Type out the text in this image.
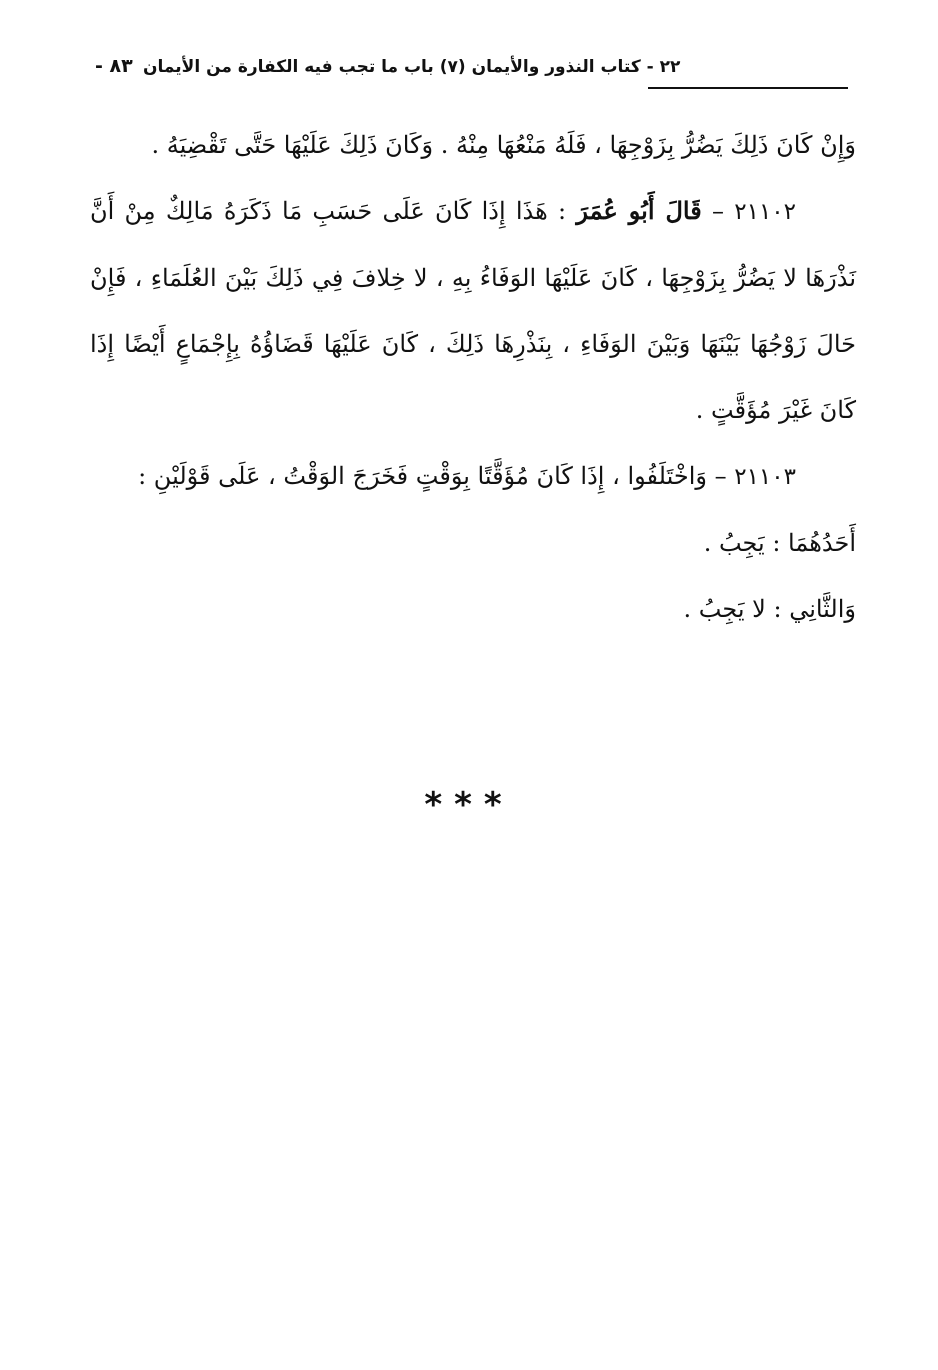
٨٣ - ٢٢ - كتاب النذور والأيمان (٧) باب ما تجب فيه الكفارة من الأيمان

وَإِنْ كَانَ ذَلِكَ يَضُرُّ بِزَوْجِهَا ، فَلَهُ مَنْعُهَا مِنْهُ . وَكَانَ ذَلِكَ عَلَيْهَا حَتَّى تَقْضِيَهُ .

٢١١٠٢ – قَالَ أَبُو عُمَرَ : هَذَا إِذَا كَانَ عَلَى حَسَبِ مَا ذَكَرَهُ مَالِكٌ مِنْ أَنَّ نَذْرَهَا لا يَضُرُّ بِزَوْجِهَا ، كَانَ عَلَيْهَا الوَفَاءُ بِهِ ، لا خِلافَ فِي ذَلِكَ بَيْنَ العُلَمَاءِ ، فَإِنْ حَالَ زَوْجُهَا بَيْنَهَا وَبَيْنَ الوَفَاءِ ، بِنَذْرِهَا ذَلِكَ ، كَانَ عَلَيْهَا قَضَاؤُهُ بِإِجْمَاعٍ أَيْضًا إِذَا كَانَ غَيْرَ مُؤَقَّتٍ .

٢١١٠٣ – وَاخْتَلَفُوا ، إِذَا كَانَ مُؤَقَّتًا بِوَقْتٍ فَخَرَجَ الوَقْتُ ، عَلَى قَوْلَيْنِ :

أَحَدُهُمَا : يَجِبُ .

وَالثَّانِي : لا يَجِبُ .

***
